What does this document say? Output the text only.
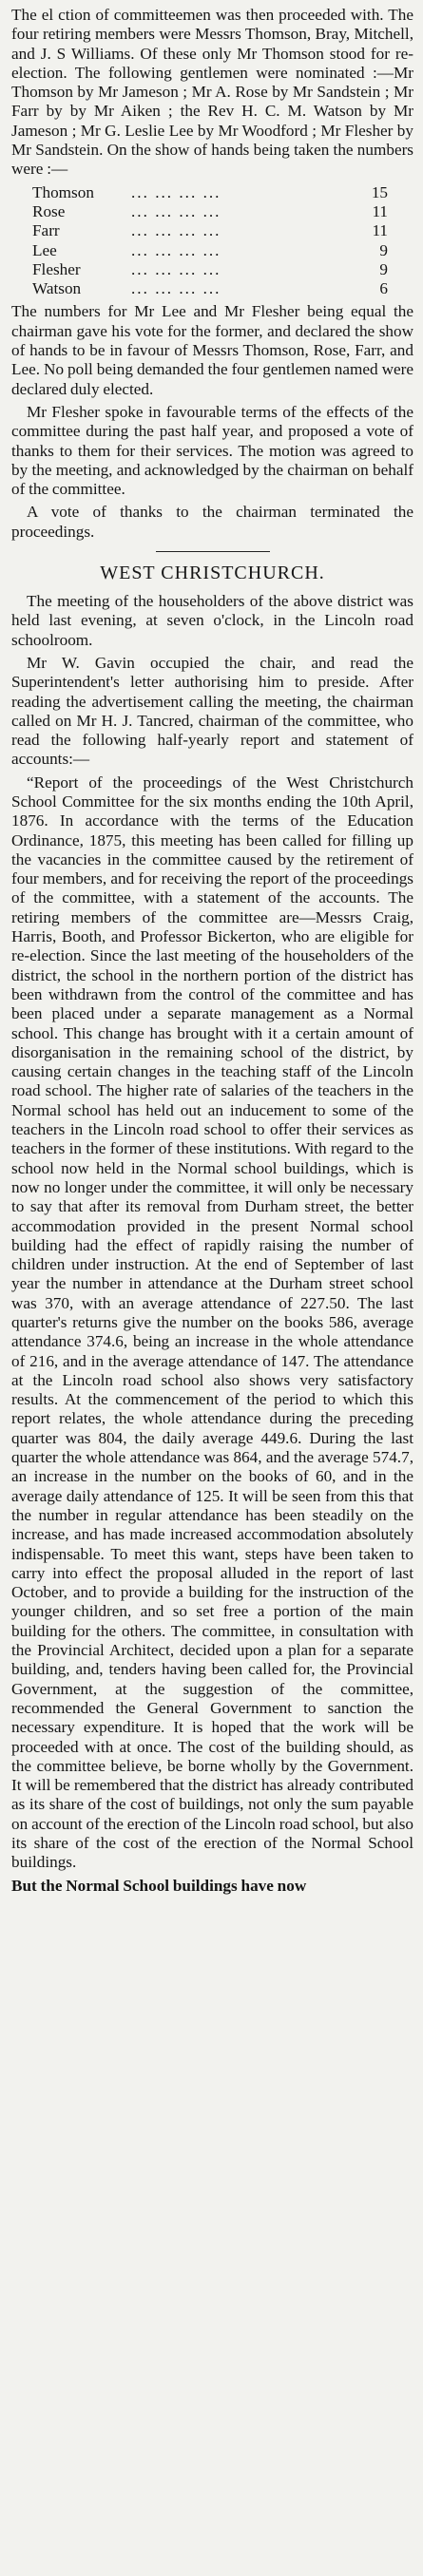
The el ction of committeemen was then proceeded with. The four retiring members were Messrs Thomson, Bray, Mitchell, and J. S Williams. Of these only Mr Thomson stood for re-election. The following gentlemen were nominated :—Mr Thomson by Mr Jameson ; Mr A. Rose by Mr Sandstein ; Mr Farr by by Mr Aiken ; the Rev H. C. M. Watson by Mr Jameson ; Mr G. Leslie Lee by Mr Woodford ; Mr Flesher by Mr Sandstein. On the show of hands being taken the numbers were :—

Thomson	... ... ... ...	15
Rose	... ... ... ...	11
Farr	... ... ... ...	11
Lee	... ... ... ...	9
Flesher	... ... ... ...	9
Watson	... ... ... ...	6

The numbers for Mr Lee and Mr Flesher being equal the chairman gave his vote for the former, and declared the show of hands to be in favour of Messrs Thomson, Rose, Farr, and Lee. No poll being demanded the four gentlemen named were declared duly elected.

Mr Flesher spoke in favourable terms of the effects of the committee during the past half year, and proposed a vote of thanks to them for their services. The motion was agreed to by the meeting, and acknowledged by the chairman on behalf of the committee.

A vote of thanks to the chairman terminated the proceedings.

WEST CHRISTCHURCH.

The meeting of the householders of the above district was held last evening, at seven o'clock, in the Lincoln road schoolroom.

Mr W. Gavin occupied the chair, and read the Superintendent's letter authorising him to preside. After reading the advertisement calling the meeting, the chairman called on Mr H. J. Tancred, chairman of the committee, who read the following half-yearly report and statement of accounts:—

“Report of the proceedings of the West Christchurch School Committee for the six months ending the 10th April, 1876. In accordance with the terms of the Education Ordinance, 1875, this meeting has been called for filling up the vacancies in the committee caused by the retirement of four members, and for receiving the report of the proceedings of the committee, with a statement of the accounts. The retiring members of the committee are—Messrs Craig, Harris, Booth, and Professor Bickerton, who are eligible for re-election. Since the last meeting of the householders of the district, the school in the northern portion of the district has been withdrawn from the control of the committee and has been placed under a separate management as a Normal school. This change has brought with it a certain amount of disorganisation in the remaining school of the district, by causing certain changes in the teaching staff of the Lincoln road school. The higher rate of salaries of the teachers in the Normal school has held out an inducement to some of the teachers in the Lincoln road school to offer their services as teachers in the former of these institutions. With regard to the school now held in the Normal school buildings, which is now no longer under the committee, it will only be necessary to say that after its removal from Durham street, the better accommodation provided in the present Normal school building had the effect of rapidly raising the number of children under instruction. At the end of September of last year the number in attendance at the Durham street school was 370, with an average attendance of 227.50. The last quarter's returns give the number on the books 586, average attendance 374.6, being an increase in the whole attendance of 216, and in the average attendance of 147. The attendance at the Lincoln road school also shows very satisfactory results. At the commencement of the period to which this report relates, the whole attendance during the preceding quarter was 804, the daily average 449.6. During the last quarter the whole attendance was 864, and the average 574.7, an increase in the number on the books of 60, and in the average daily attendance of 125. It will be seen from this that the number in regular attendance has been steadily on the increase, and has made increased accommodation absolutely indispensable. To meet this want, steps have been taken to carry into effect the proposal alluded in the report of last October, and to provide a building for the instruction of the younger children, and so set free a portion of the main building for the others. The committee, in consultation with the Provincial Architect, decided upon a plan for a separate building, and, tenders having been called for, the Provincial Government, at the suggestion of the committee, recommended the General Government to sanction the necessary expenditure. It is hoped that the work will be proceeded with at once. The cost of the building should, as the committee believe, be borne wholly by the Government. It will be remembered that the district has already contributed as its share of the cost of buildings, not only the sum payable on account of the erection of the Lincoln road school, but also its share of the cost of the erection of the Normal School buildings.

But the Normal School buildings have now
